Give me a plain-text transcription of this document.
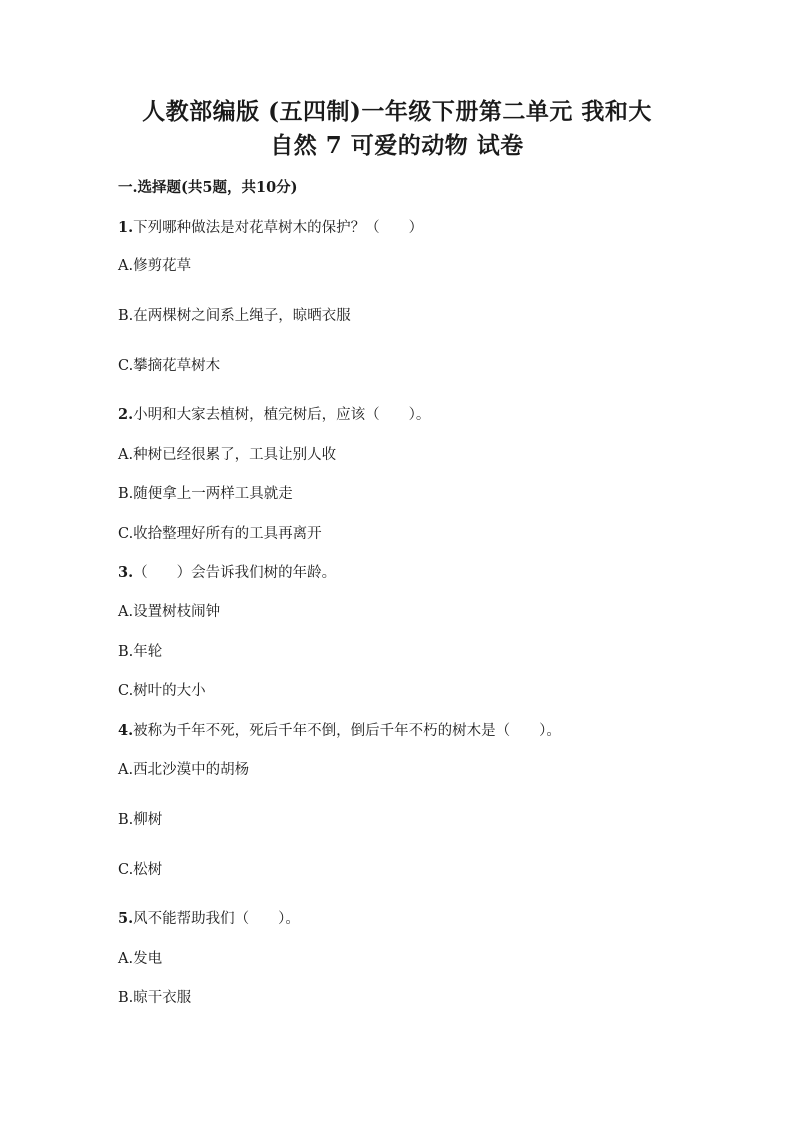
人教部编版 (五四制)一年级下册第二单元 我和大
自然 7 可爱的动物 试卷
一.选择题(共5题，共10分)
1.下列哪种做法是对花草树木的保护？（　　）
A.修剪花草
B.在两棵树之间系上绳子，晾晒衣服
C.攀摘花草树木
2.小明和大家去植树，植完树后，应该（　　）。
A.种树已经很累了，工具让别人收
B.随便拿上一两样工具就走
C.收拾整理好所有的工具再离开
3.（　　）会告诉我们树的年龄。
A.设置树枝闹钟
B.年轮
C.树叶的大小
4.被称为千年不死，死后千年不倒，倒后千年不朽的树木是（　　）。
A.西北沙漠中的胡杨
B.柳树
C.松树
5.风不能帮助我们（　　）。
A.发电
B.晾干衣服
